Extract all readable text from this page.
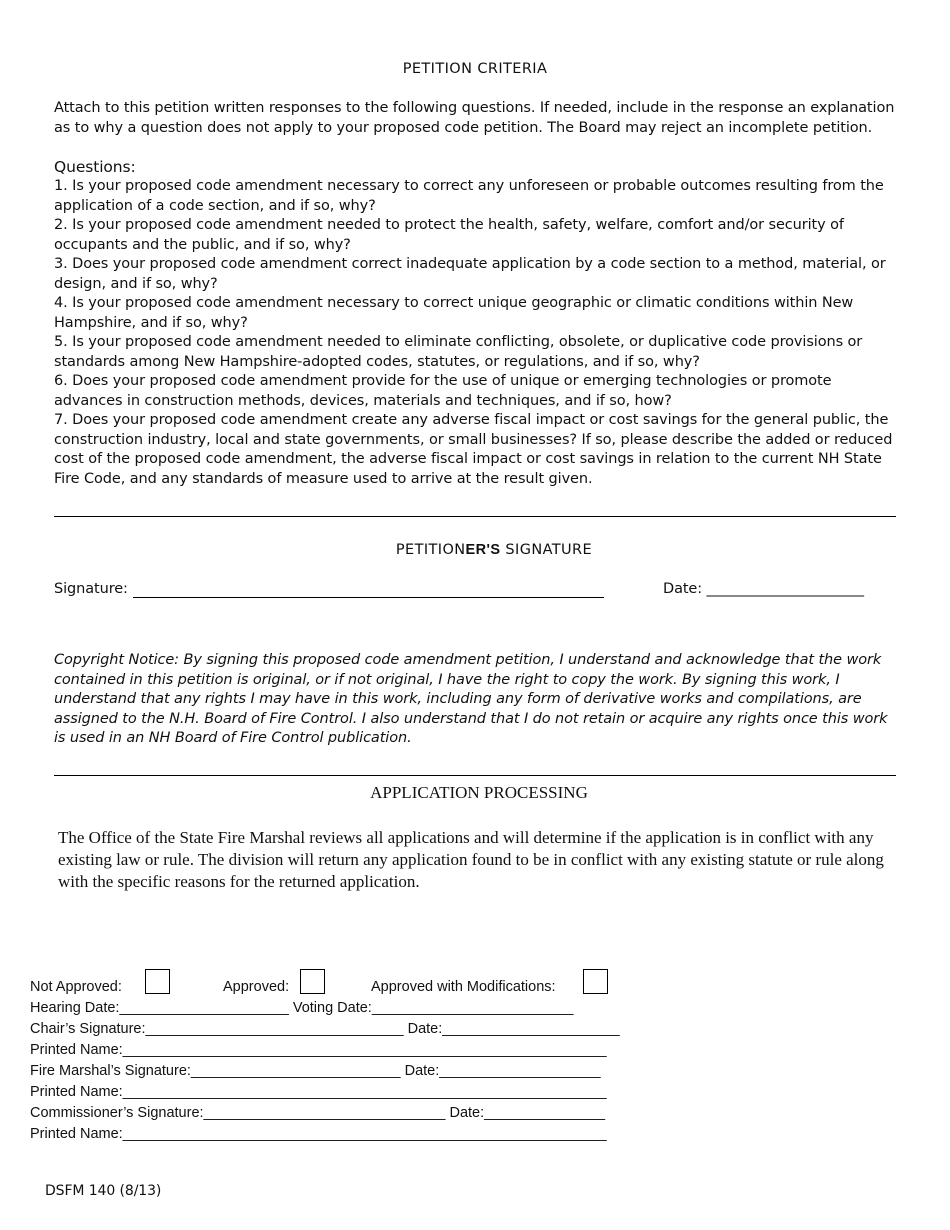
PETITION CRITERIA

Attach to this petition written responses to the following questions. If needed, include in the response an explanation as to why a question does not apply to your proposed code petition. The Board may reject an incomplete petition.

Questions:

1. Is your proposed code amendment necessary to correct any unforeseen or probable outcomes resulting from the application of a code section, and if so, why?

2. Is your proposed code amendment needed to protect the health, safety, welfare, comfort and/or security of occupants and the public, and if so, why?

3. Does your proposed code amendment correct inadequate application by a code section to a method, material, or design, and if so, why?

4. Is your proposed code amendment necessary to correct unique geographic or climatic conditions within New Hampshire, and if so, why?

5. Is your proposed code amendment needed to eliminate conflicting, obsolete, or duplicative code provisions or standards among New Hampshire-adopted codes, statutes, or regulations, and if so, why?

6. Does your proposed code amendment provide for the use of unique or emerging technologies or promote advances in construction methods, devices, materials and techniques, and if so, how?

7. Does your proposed code amendment create any adverse fiscal impact or cost savings for the general public, the construction industry, local and state governments, or small businesses? If so, please describe the added or reduced cost of the proposed code amendment, the adverse fiscal impact or cost savings in relation to the current NH State Fire Code, and any standards of measure used to arrive at the result given.

PETITIONER'S SIGNATURE
Signature:	Date: ______________________

Copyright Notice: By signing this proposed code amendment petition, I understand and acknowledge that the work contained in this petition is original, or if not original, I have the right to copy the work. By signing this work, I understand that any rights I may have in this work, including any form of derivative works and compilations, are assigned to the N.H. Board of Fire Control. I also understand that I do not retain or acquire any rights once this work is used in an NH Board of Fire Control publication.

APPLICATION PROCESSING

The Office of the State Fire Marshal reviews all applications and will determine if the application is in conflict with any existing law or rule. The division will return any application found to be in conflict with any existing statute or rule along with the specific reasons for the returned application.

Not Approved:	Approved:	Approved with Modifications:
Hearing Date:_____________________ Voting Date:_________________________
Chair’s Signature:________________________________ Date:______________________
Printed Name:____________________________________________________________
Fire Marshal’s Signature:__________________________ Date:____________________
Printed Name:____________________________________________________________
Commissioner’s Signature:______________________________ Date:_______________
Printed Name:____________________________________________________________
DSFM 140 (8/13)
